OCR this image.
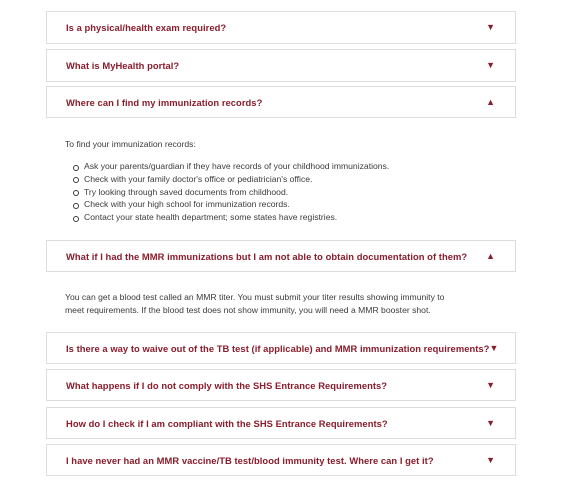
Is a physical/health exam required?	▼
What is MyHealth portal?	▼
Where can I find my immunization records?	▲

To find your immunization records:

Ask your parents/guardian if they have records of your childhood immunizations.
Check with your family doctor's office or pediatrician's office.
Try looking through saved documents from childhood.
Check with your high school for immunization records.
Contact your state health department; some states have registries.
What if I had the MMR immunizations but I am not able to obtain documentation of them? ▲

You can get a blood test called an MMR titer. You must submit your titer results showing immunity to

meet requirements. If the blood test does not show immunity, you will need a MMR booster shot.

Is there a way to waive out of the TB test (if applicable) and MMR immunization requirements? ▼
What happens if I do not comply with the SHS Entrance Requirements?	▼
How do I check if I am compliant with the SHS Entrance Requirements?	▼
I have never had an MMR vaccine/TB test/blood immunity test. Where can I get it?	▼
